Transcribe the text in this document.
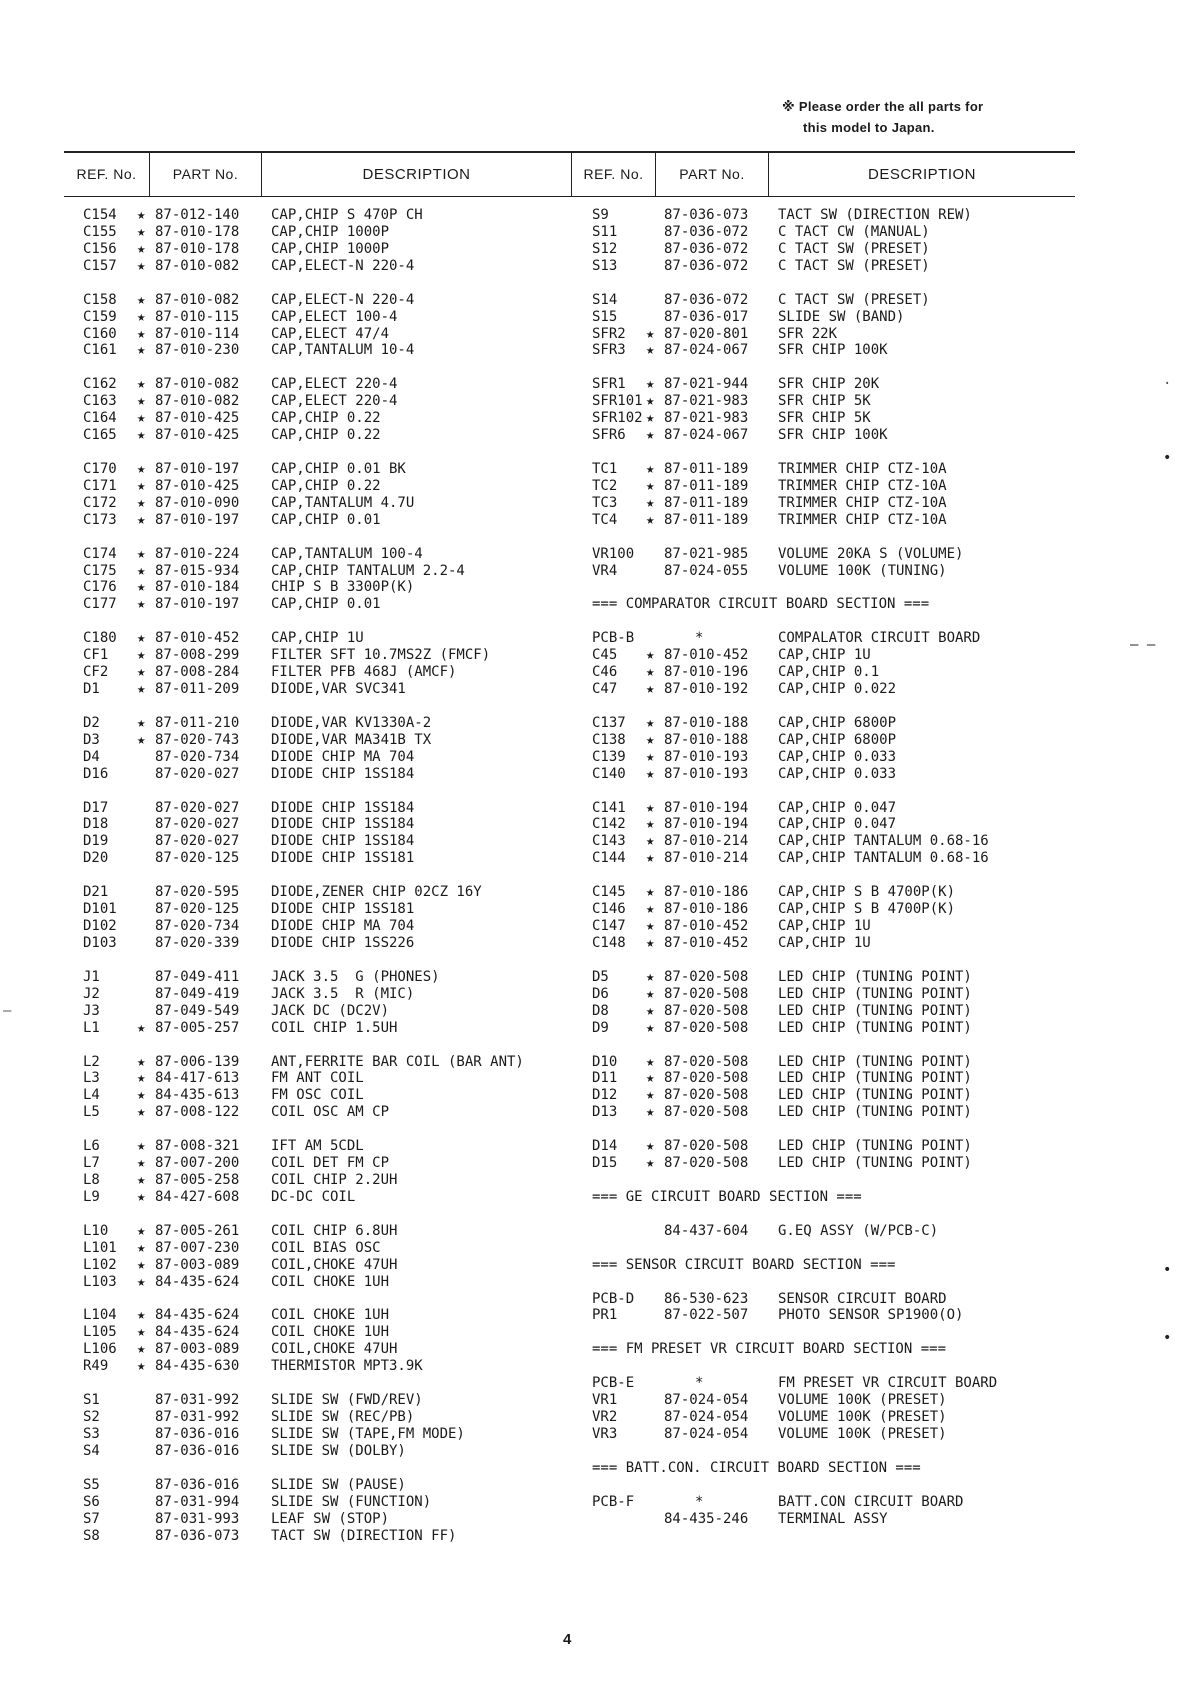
※ Please order the all parts for
this model to Japan.
REF. No.	PART No.	DESCRIPTION	REF. No.	PART No.	DESCRIPTION
C154 ★ 87-012-140 CAP,CHIP S 470P CH
C155 ★ 87-010-178 CAP,CHIP 1000P
C156 ★ 87-010-178 CAP,CHIP 1000P
C157 ★ 87-010-082 CAP,ELECT-N 220-4
C158 ★ 87-010-082 CAP,ELECT-N 220-4
C159 ★ 87-010-115 CAP,ELECT 100-4
C160 ★ 87-010-114 CAP,ELECT 47/4
C161 ★ 87-010-230 CAP,TANTALUM 10-4
C162 ★ 87-010-082 CAP,ELECT 220-4
C163 ★ 87-010-082 CAP,ELECT 220-4
C164 ★ 87-010-425 CAP,CHIP 0.22
C165 ★ 87-010-425 CAP,CHIP 0.22
C170 ★ 87-010-197 CAP,CHIP 0.01 BK
C171 ★ 87-010-425 CAP,CHIP 0.22
C172 ★ 87-010-090 CAP,TANTALUM 4.7U
C173 ★ 87-010-197 CAP,CHIP 0.01
C174 ★ 87-010-224 CAP,TANTALUM 100-4
C175 ★ 87-015-934 CAP,CHIP TANTALUM 2.2-4
C176 ★ 87-010-184 CHIP S B 3300P(K)
C177 ★ 87-010-197 CAP,CHIP 0.01
C180 ★ 87-010-452 CAP,CHIP 1U
CF1 ★ 87-008-299 FILTER SFT 10.7MS2Z (FMCF)
CF2 ★ 87-008-284 FILTER PFB 468J (AMCF)
D1	★ 87-011-209 DIODE,VAR SVC341
D2	★ 87-011-210 DIODE,VAR KV1330A-2
D3	★ 87-020-743 DIODE,VAR MA341B TX
D4	87-020-734 DIODE CHIP MA 704
D16	87-020-027 DIODE CHIP 1SS184
D17	87-020-027 DIODE CHIP 1SS184
D18	87-020-027 DIODE CHIP 1SS184
D19	87-020-027 DIODE CHIP 1SS184
D20	87-020-125 DIODE CHIP 1SS181
D21	87-020-595 DIODE,ZENER CHIP 02CZ 16Y
D101	87-020-125 DIODE CHIP 1SS181
D102	87-020-734 DIODE CHIP MA 704
D103	87-020-339 DIODE CHIP 1SS226
J1	87-049-411 JACK 3.5  G (PHONES)
J2	87-049-419 JACK 3.5  R (MIC)
J3	87-049-549 JACK DC (DC2V)
L1	★ 87-005-257 COIL CHIP 1.5UH
L2	★ 87-006-139 ANT,FERRITE BAR COIL (BAR ANT)
L3	★ 84-417-613 FM ANT COIL
L4	★ 84-435-613 FM OSC COIL
L5	★ 87-008-122 COIL OSC AM CP
L6	★ 87-008-321 IFT AM 5CDL
L7	★ 87-007-200 COIL DET FM CP
L8	★ 87-005-258 COIL CHIP 2.2UH
L9	★ 84-427-608 DC-DC COIL
L10 ★ 87-005-261 COIL CHIP 6.8UH
L101 ★ 87-007-230 COIL BIAS OSC
L102 ★ 87-003-089 COIL,CHOKE 47UH
L103 ★ 84-435-624 COIL CHOKE 1UH
L104 ★ 84-435-624 COIL CHOKE 1UH
L105 ★ 84-435-624 COIL CHOKE 1UH
L106 ★ 87-003-089 COIL,CHOKE 47UH
R49 ★ 84-435-630 THERMISTOR MPT3.9K
S1	87-031-992 SLIDE SW (FWD/REV)
S2	87-031-992 SLIDE SW (REC/PB)
S3	87-036-016 SLIDE SW (TAPE,FM MODE)
S4	87-036-016 SLIDE SW (DOLBY)
S5	87-036-016 SLIDE SW (PAUSE)
S6	87-031-994 SLIDE SW (FUNCTION)
S7	87-031-993 LEAF SW (STOP)
S8	87-036-073 TACT SW (DIRECTION FF)
S9	87-036-073 TACT SW (DIRECTION REW)
S11	87-036-072 C TACT CW (MANUAL)
S12	87-036-072 C TACT SW (PRESET)
S13	87-036-072 C TACT SW (PRESET)
S14	87-036-072 C TACT SW (PRESET)
S15	87-036-017 SLIDE SW (BAND)
SFR2 ★ 87-020-801 SFR 22K
SFR3 ★ 87-024-067 SFR CHIP 100K
SFR1 ★ 87-021-944 SFR CHIP 20K
SFR101 ★ 87-021-983 SFR CHIP 5K
SFR102 ★ 87-021-983 SFR CHIP 5K
SFR6 ★ 87-024-067 SFR CHIP 100K
TC1 ★ 87-011-189 TRIMMER CHIP CTZ-10A
TC2 ★ 87-011-189 TRIMMER CHIP CTZ-10A
TC3 ★ 87-011-189 TRIMMER CHIP CTZ-10A
TC4 ★ 87-011-189 TRIMMER CHIP CTZ-10A
VR100 87-021-985 VOLUME 20KA S (VOLUME)
VR4	87-024-055 VOLUME 100K (TUNING)
=== COMPARATOR CIRCUIT BOARD SECTION ===
PCB-B	*	COMPALATOR CIRCUIT BOARD
C45 ★ 87-010-452 CAP,CHIP 1U
C46 ★ 87-010-196 CAP,CHIP 0.1
C47 ★ 87-010-192 CAP,CHIP 0.022
C137 ★ 87-010-188 CAP,CHIP 6800P
C138 ★ 87-010-188 CAP,CHIP 6800P
C139 ★ 87-010-193 CAP,CHIP 0.033
C140 ★ 87-010-193 CAP,CHIP 0.033
C141 ★ 87-010-194 CAP,CHIP 0.047
C142 ★ 87-010-194 CAP,CHIP 0.047
C143 ★ 87-010-214 CAP,CHIP TANTALUM 0.68-16
C144 ★ 87-010-214 CAP,CHIP TANTALUM 0.68-16
C145 ★ 87-010-186 CAP,CHIP S B 4700P(K)
C146 ★ 87-010-186 CAP,CHIP S B 4700P(K)
C147 ★ 87-010-452 CAP,CHIP 1U
C148 ★ 87-010-452 CAP,CHIP 1U
D5	★ 87-020-508 LED CHIP (TUNING POINT)
D6	★ 87-020-508 LED CHIP (TUNING POINT)
D8	★ 87-020-508 LED CHIP (TUNING POINT)
D9	★ 87-020-508 LED CHIP (TUNING POINT)
D10 ★ 87-020-508 LED CHIP (TUNING POINT)
D11 ★ 87-020-508 LED CHIP (TUNING POINT)
D12 ★ 87-020-508 LED CHIP (TUNING POINT)
D13 ★ 87-020-508 LED CHIP (TUNING POINT)
D14 ★ 87-020-508 LED CHIP (TUNING POINT)
D15 ★ 87-020-508 LED CHIP (TUNING POINT)
=== GE CIRCUIT BOARD SECTION ===
84-437-604 G.EQ ASSY (W/PCB-C)
=== SENSOR CIRCUIT BOARD SECTION ===
PCB-D 86-530-623 SENSOR CIRCUIT BOARD
PR1	87-022-507 PHOTO SENSOR SP1900(O)
=== FM PRESET VR CIRCUIT BOARD SECTION ===
PCB-E	*	FM PRESET VR CIRCUIT BOARD
VR1	87-024-054 VOLUME 100K (PRESET)
VR2	87-024-054 VOLUME 100K (PRESET)
VR3	87-024-054 VOLUME 100K (PRESET)
=== BATT.CON. CIRCUIT BOARD SECTION ===
PCB-F	*	BATT.CON CIRCUIT BOARD
84-435-246 TERMINAL ASSY
4
–
— –
·
•
•
•
